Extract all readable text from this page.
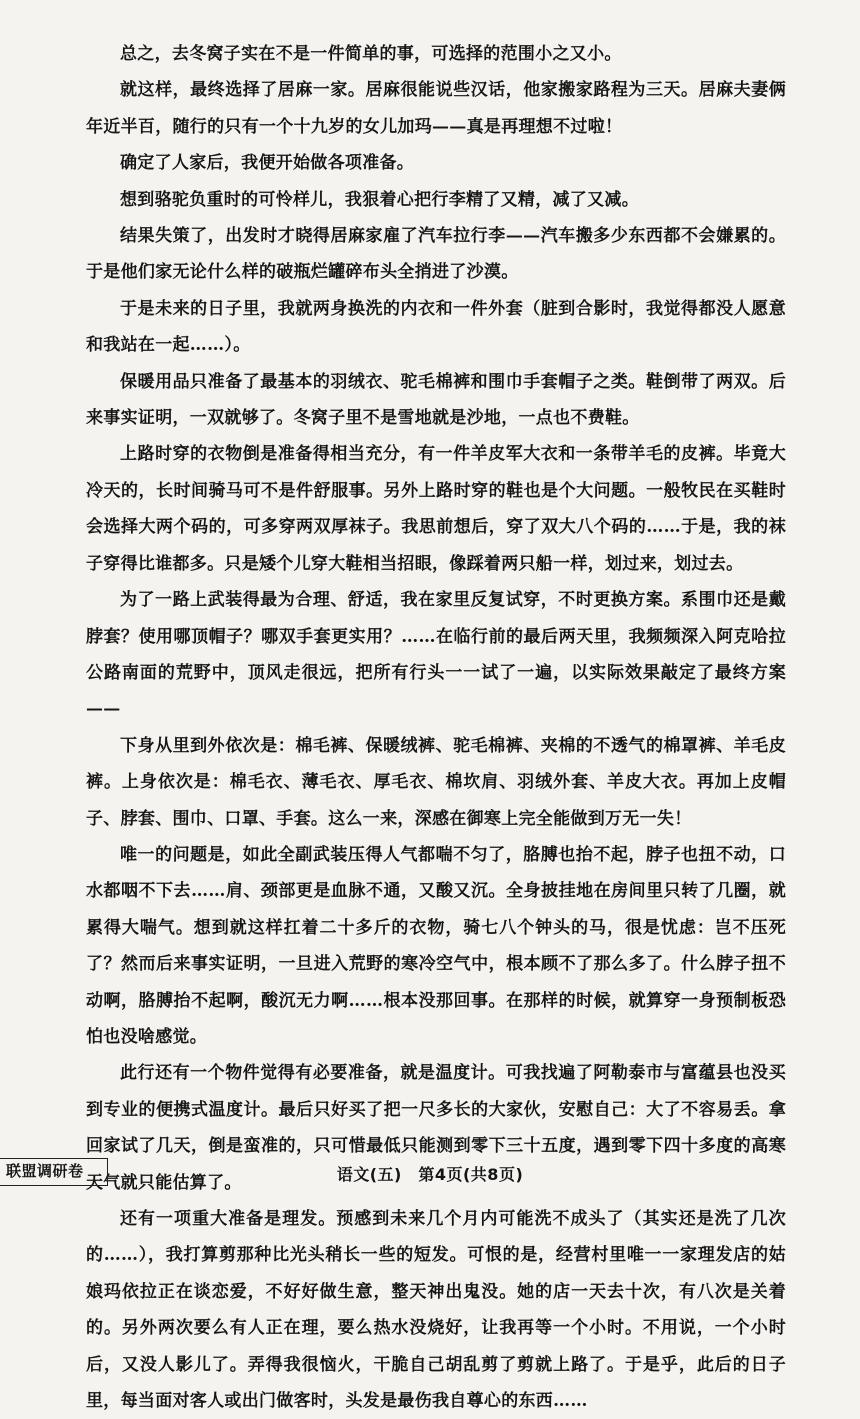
总之，去冬窝子实在不是一件简单的事，可选择的范围小之又小。

就这样，最终选择了居麻一家。居麻很能说些汉话，他家搬家路程为三天。居麻夫妻俩年近半百，随行的只有一个十九岁的女儿加玛——真是再理想不过啦！

确定了人家后，我便开始做各项准备。

想到骆驼负重时的可怜样儿，我狠着心把行李精了又精，减了又减。

结果失策了，出发时才晓得居麻家雇了汽车拉行李——汽车搬多少东西都不会嫌累的。于是他们家无论什么样的破瓶烂罐碎布头全捎进了沙漠。

于是未来的日子里，我就两身换洗的内衣和一件外套（脏到合影时，我觉得都没人愿意和我站在一起……）。

保暖用品只准备了最基本的羽绒衣、驼毛棉裤和围巾手套帽子之类。鞋倒带了两双。后来事实证明，一双就够了。冬窝子里不是雪地就是沙地，一点也不费鞋。

上路时穿的衣物倒是准备得相当充分，有一件羊皮军大衣和一条带羊毛的皮裤。毕竟大冷天的，长时间骑马可不是件舒服事。另外上路时穿的鞋也是个大问题。一般牧民在买鞋时会选择大两个码的，可多穿两双厚袜子。我思前想后，穿了双大八个码的……于是，我的袜子穿得比谁都多。只是矮个儿穿大鞋相当招眼，像踩着两只船一样，划过来，划过去。

为了一路上武装得最为合理、舒适，我在家里反复试穿，不时更换方案。系围巾还是戴脖套？使用哪顶帽子？哪双手套更实用？……在临行前的最后两天里，我频频深入阿克哈拉公路南面的荒野中，顶风走很远，把所有行头一一试了一遍，以实际效果敲定了最终方案——

下身从里到外依次是：棉毛裤、保暖绒裤、驼毛棉裤、夹棉的不透气的棉罩裤、羊毛皮裤。上身依次是：棉毛衣、薄毛衣、厚毛衣、棉坎肩、羽绒外套、羊皮大衣。再加上皮帽子、脖套、围巾、口罩、手套。这么一来，深感在御寒上完全能做到万无一失！

唯一的问题是，如此全副武装压得人气都喘不匀了，胳膊也抬不起，脖子也扭不动，口水都咽不下去……肩、颈部更是血脉不通，又酸又沉。全身披挂地在房间里只转了几圈，就累得大喘气。想到就这样扛着二十多斤的衣物，骑七八个钟头的马，很是忧虑：岂不压死了？然而后来事实证明，一旦进入荒野的寒冷空气中，根本顾不了那么多了。什么脖子扭不动啊，胳膊抬不起啊，酸沉无力啊……根本没那回事。在那样的时候，就算穿一身预制板恐怕也没啥感觉。

此行还有一个物件觉得有必要准备，就是温度计。可我找遍了阿勒泰市与富蕴县也没买到专业的便携式温度计。最后只好买了把一尺多长的大家伙，安慰自己：大了不容易丢。拿回家试了几天，倒是蛮准的，只可惜最低只能测到零下三十五度，遇到零下四十多度的高寒天气就只能估算了。

还有一项重大准备是理发。预感到未来几个月内可能洗不成头了（其实还是洗了几次的……），我打算剪那种比光头稍长一些的短发。可恨的是，经营村里唯一一家理发店的姑娘玛依拉正在谈恋爱，不好好做生意，整天神出鬼没。她的店一天去十次，有八次是关着的。另外两次要么有人正在理，要么热水没烧好，让我再等一个小时。不用说，一个小时后，又没人影儿了。弄得我很恼火，干脆自己胡乱剪了剪就上路了。于是乎，此后的日子里，每当面对客人或出门做客时，头发是最伤我自尊心的东西……

联盟调研卷	语文(五)　第4页(共8页)
